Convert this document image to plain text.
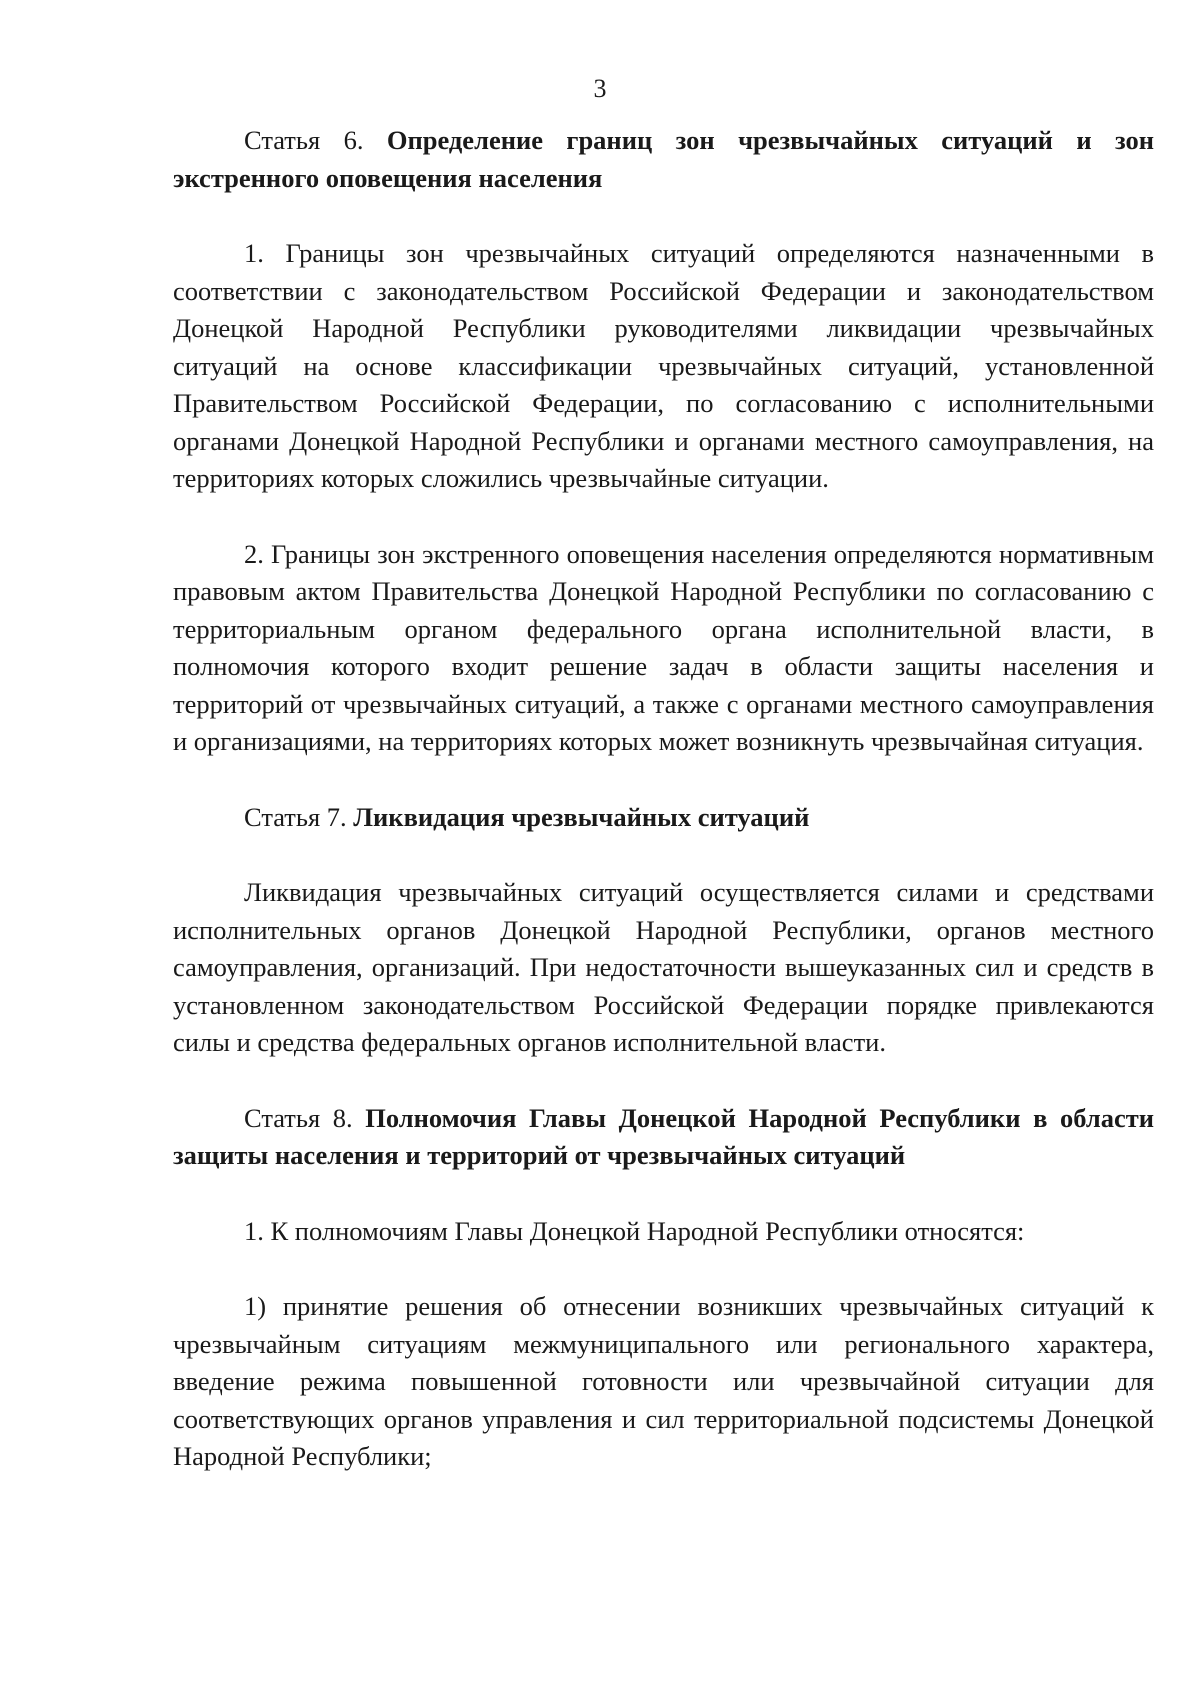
3

Статья 6. Определение границ зон чрезвычайных ситуаций и зон экстренного оповещения населения

1. Границы зон чрезвычайных ситуаций определяются назначенными в соответствии с законодательством Российской Федерации и законодательством Донецкой Народной Республики руководителями ликвидации чрезвычайных ситуаций на основе классификации чрезвычайных ситуаций, установленной Правительством Российской Федерации, по согласованию с исполнительными органами Донецкой Народной Республики и органами местного самоуправления, на территориях которых сложились чрезвычайные ситуации.

2. Границы зон экстренного оповещения населения определяются нормативным правовым актом Правительства Донецкой Народной Республики по согласованию с территориальным органом федерального органа исполнительной власти, в полномочия которого входит решение задач в области защиты населения и территорий от чрезвычайных ситуаций, а также с органами местного самоуправления и организациями, на территориях которых может возникнуть чрезвычайная ситуация.

Статья 7. Ликвидация чрезвычайных ситуаций

Ликвидация чрезвычайных ситуаций осуществляется силами и средствами исполнительных органов Донецкой Народной Республики, органов местного самоуправления, организаций. При недостаточности вышеуказанных сил и средств в установленном законодательством Российской Федерации порядке привлекаются силы и средства федеральных органов исполнительной власти.

Статья 8. Полномочия Главы Донецкой Народной Республики в области защиты населения и территорий от чрезвычайных ситуаций

1. К полномочиям Главы Донецкой Народной Республики относятся:

1) принятие решения об отнесении возникших чрезвычайных ситуаций к чрезвычайным ситуациям межмуниципального или регионального характера, введение режима повышенной готовности или чрезвычайной ситуации для соответствующих органов управления и сил территориальной подсистемы Донецкой Народной Республики;
